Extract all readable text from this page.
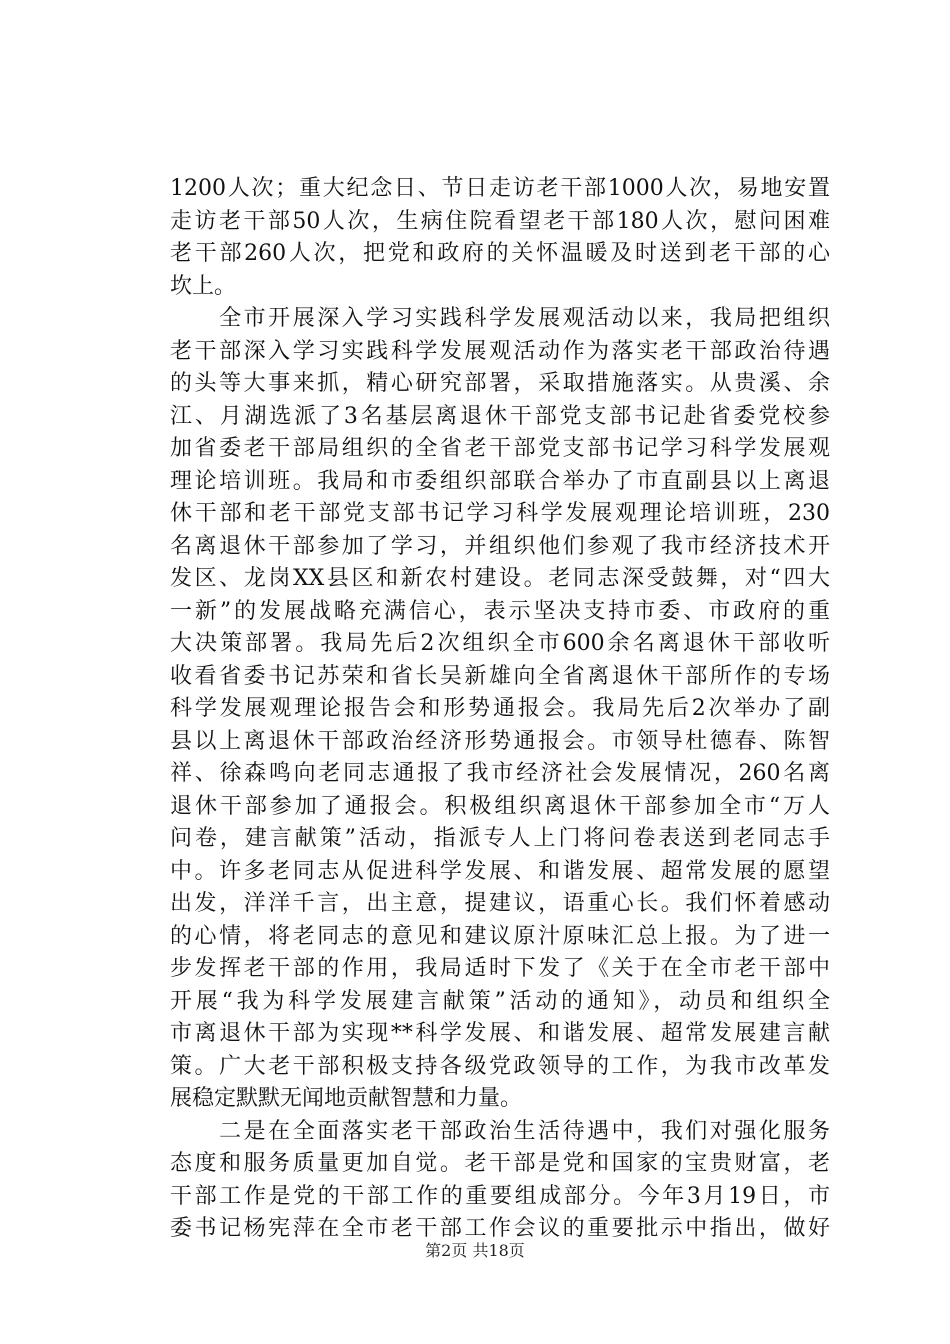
1200人次；重大纪念日、节日走访老干部1000人次，易地安置
走访老干部50人次，生病住院看望老干部180人次，慰问困难
老干部260人次，把党和政府的关怀温暖及时送到老干部的心
坎上。
　　全市开展深入学习实践科学发展观活动以来，我局把组织
老干部深入学习实践科学发展观活动作为落实老干部政治待遇
的头等大事来抓，精心研究部署，采取措施落实。从贵溪、余
江、月湖选派了3名基层离退休干部党支部书记赴省委党校参
加省委老干部局组织的全省老干部党支部书记学习科学发展观
理论培训班。我局和市委组织部联合举办了市直副县以上离退
休干部和老干部党支部书记学习科学发展观理论培训班，230
名离退休干部参加了学习，并组织他们参观了我市经济技术开
发区、龙岗XX县区和新农村建设。老同志深受鼓舞，对“四大
一新”的发展战略充满信心，表示坚决支持市委、市政府的重
大决策部署。我局先后2次组织全市600余名离退休干部收听
收看省委书记苏荣和省长吴新雄向全省离退休干部所作的专场
科学发展观理论报告会和形势通报会。我局先后2次举办了副
县以上离退休干部政治经济形势通报会。市领导杜德春、陈智
祥、徐森鸣向老同志通报了我市经济社会发展情况，260名离
退休干部参加了通报会。积极组织离退休干部参加全市“万人
问卷，建言献策”活动，指派专人上门将问卷表送到老同志手
中。许多老同志从促进科学发展、和谐发展、超常发展的愿望
出发，洋洋千言，出主意，提建议，语重心长。我们怀着感动
的心情，将老同志的意见和建议原汁原味汇总上报。为了进一
步发挥老干部的作用，我局适时下发了《关于在全市老干部中
开展“我为科学发展建言献策”活动的通知》，动员和组织全
市离退休干部为实现**科学发展、和谐发展、超常发展建言献
策。广大老干部积极支持各级党政领导的工作，为我市改革发
展稳定默默无闻地贡献智慧和力量。
　　二是在全面落实老干部政治生活待遇中，我们对强化服务
态度和服务质量更加自觉。老干部是党和国家的宝贵财富，老
干部工作是党的干部工作的重要组成部分。今年3月19日，市
委书记杨宪萍在全市老干部工作会议的重要批示中指出，做好
第2页 共18页
